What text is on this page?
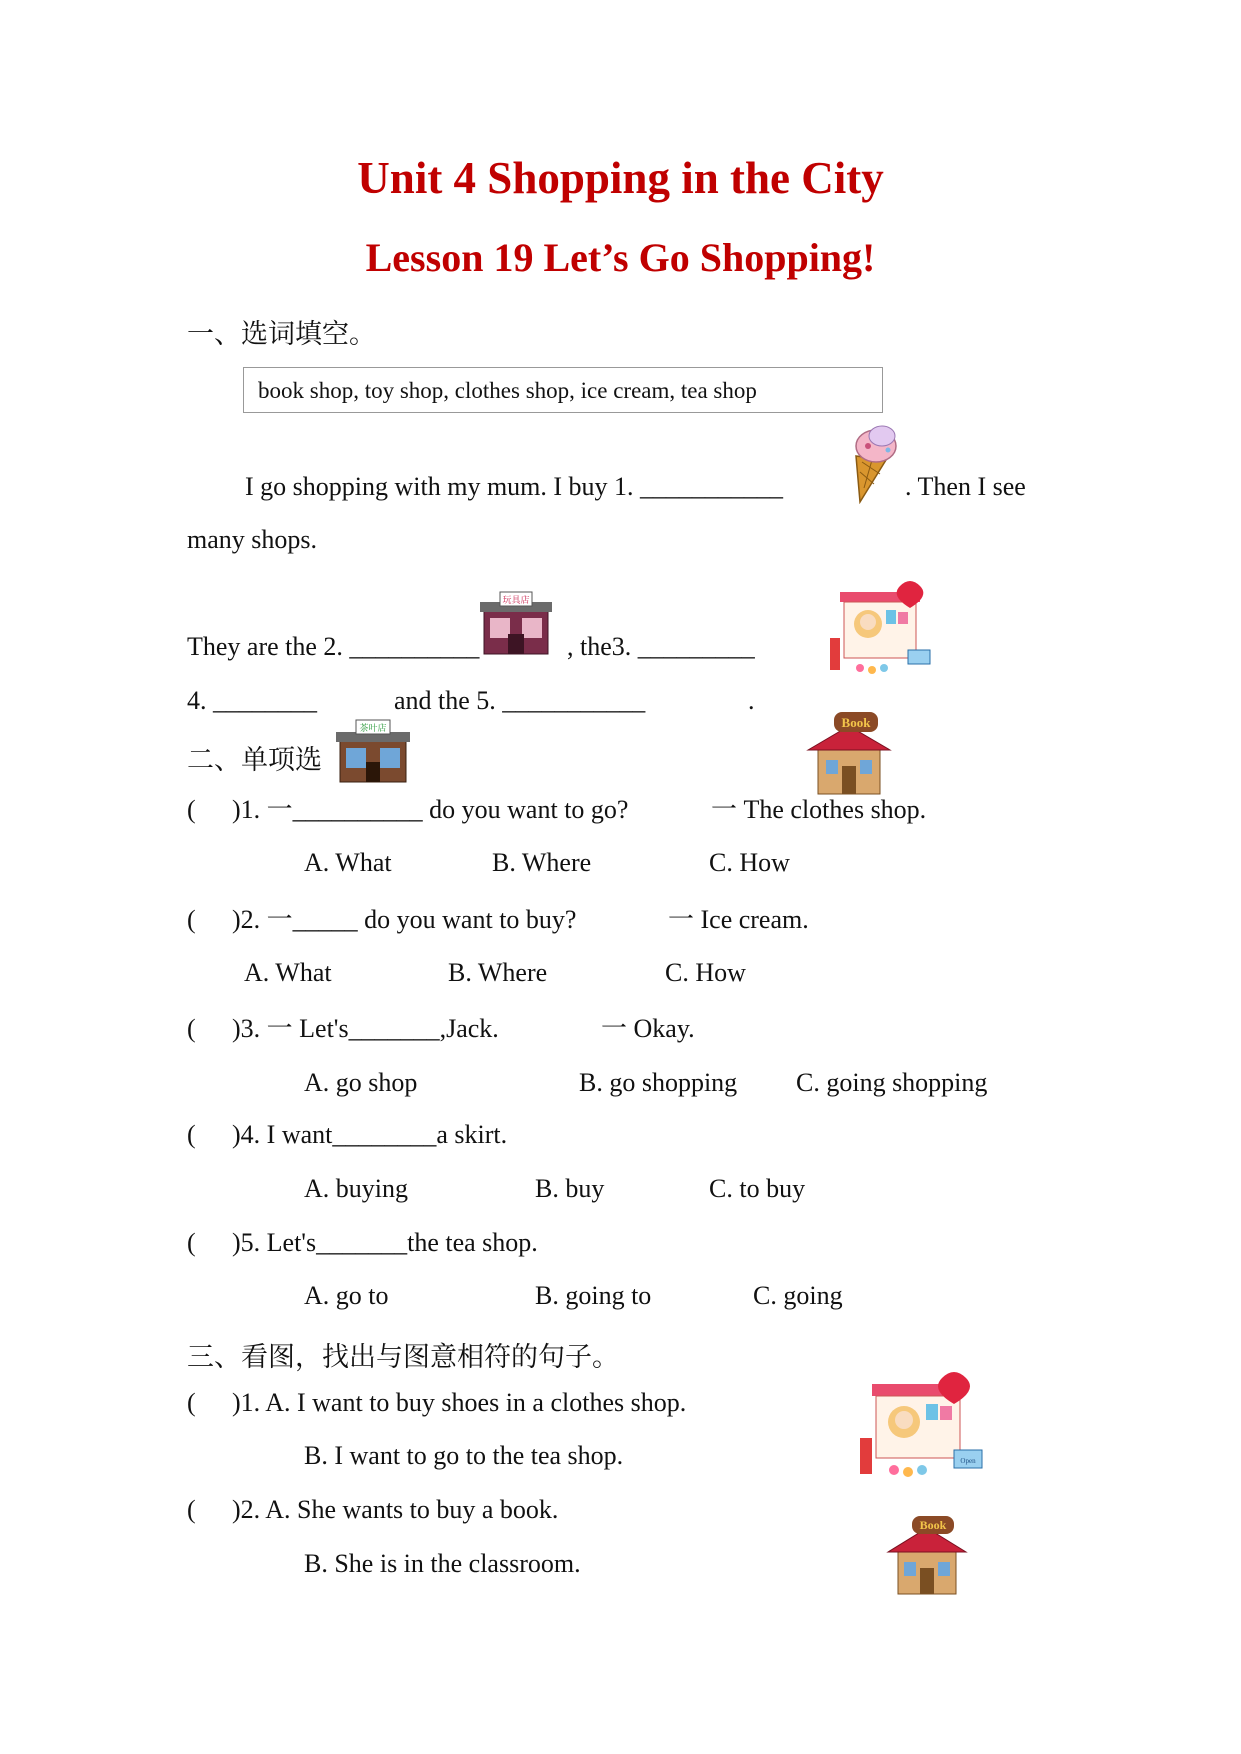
Unit 4 Shopping in the City
Lesson 19 Let’s Go Shopping!
一、选词填空。
book shop, toy shop, clothes shop, ice cream, tea shop
I go shopping with my mum. I buy 1. ___________	. Then I see
many shops.
They are the 2. __________	, the3. _________
玩具店
4. ________	and the 5. ___________	.
二、单项选
茶叶店	Book
( )1. 一__________ do you want to go?	一 The clothes shop.
A. What	B. Where	C. How
( )2. 一_____ do you want to buy?	一 Ice cream.
A. What	B. Where	C. How
( )3. 一 Let's_______,Jack.	一 Okay.
A. go shop	B. go shopping C. going shopping
( )4. I want________a skirt.
A. buying	B. buy	C. to buy
( )5. Let's_______the tea shop.
A. go to	B. going to	C. going
三、看图，找出与图意相符的句子。
( )1. A. I want to buy shoes in a clothes shop.
B. I want to go to the tea shop.	Open
( )2. A. She wants to buy a book.
B. She is in the classroom.
Book
